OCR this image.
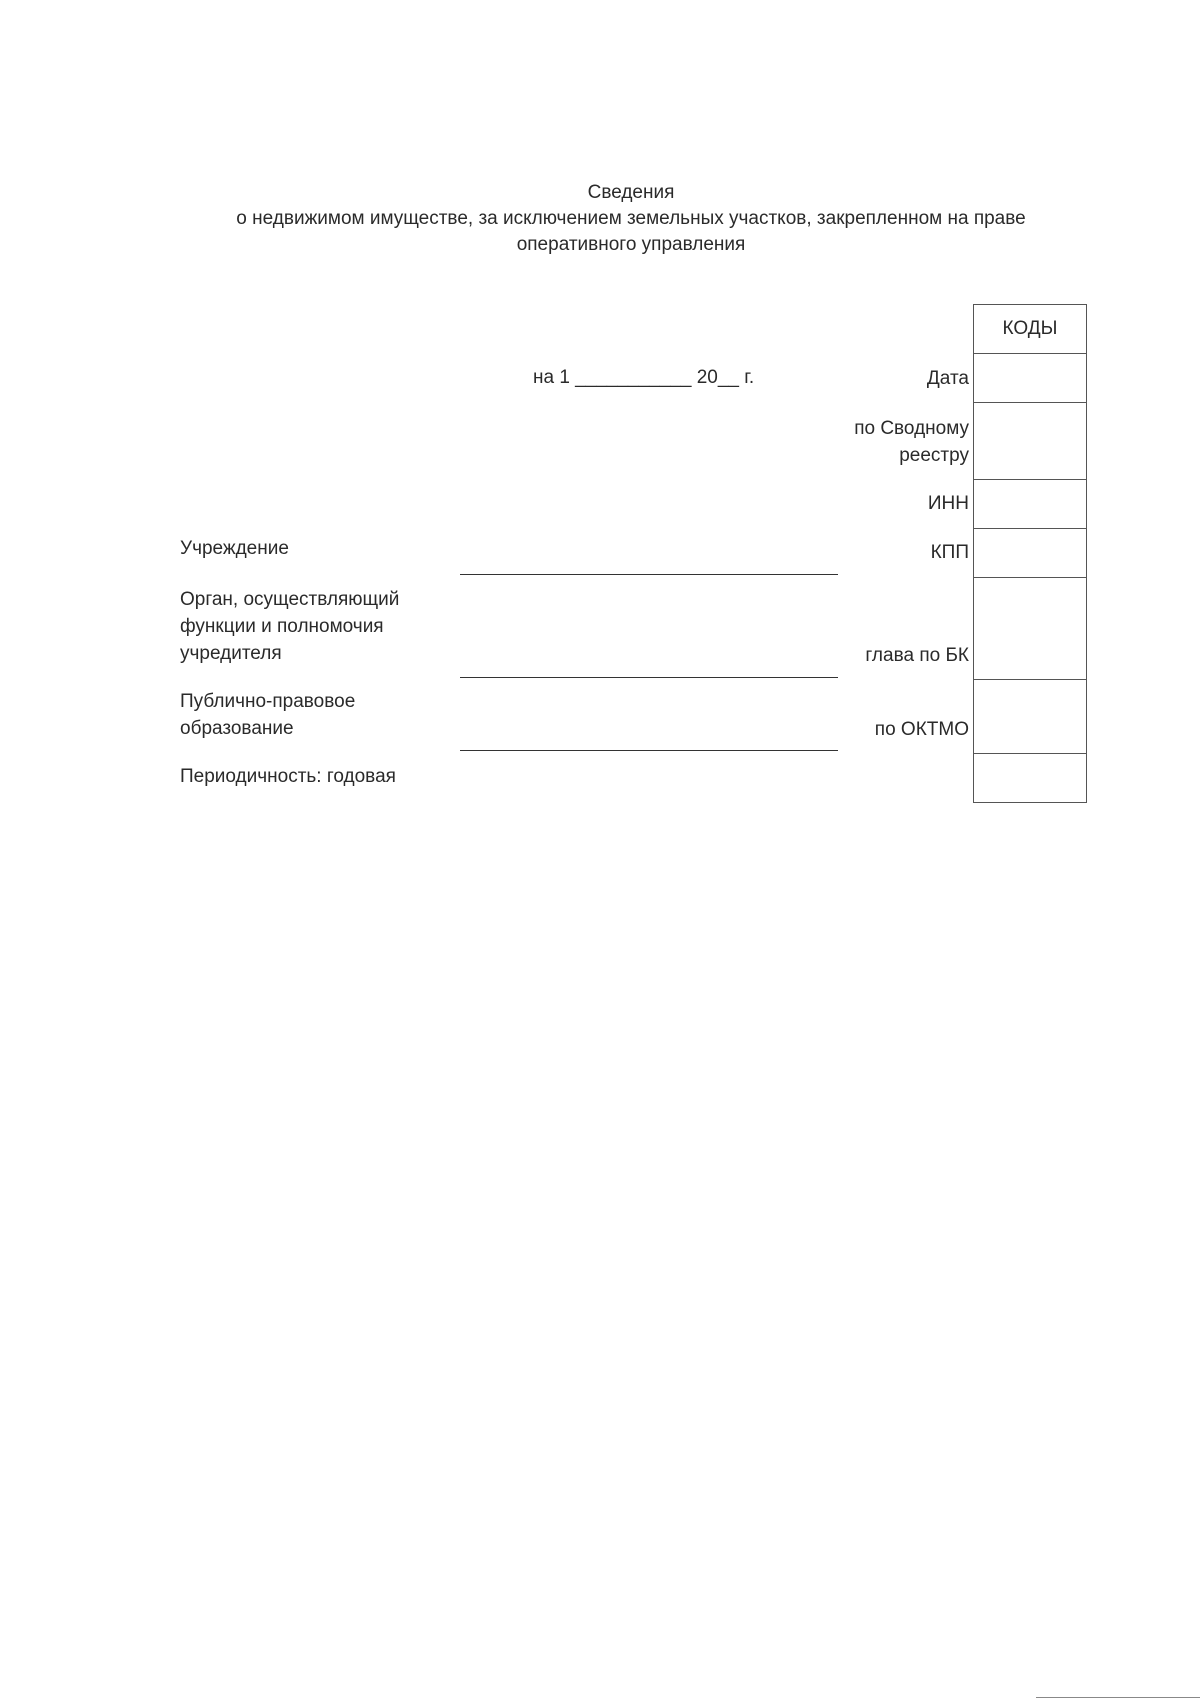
Сведения
о недвижимом имуществе, за исключением земельных участков, закрепленном на праве
оперативного управления
на 1 ___________ 20__ г.
КОДЫ
Дата
по Сводному
реестру
ИНН
КПП
глава по БК
по ОКТМО
Учреждение
Орган, осуществляющий
функции и полномочия
учредителя
Публично-правовое
образование
Периодичность: годовая
